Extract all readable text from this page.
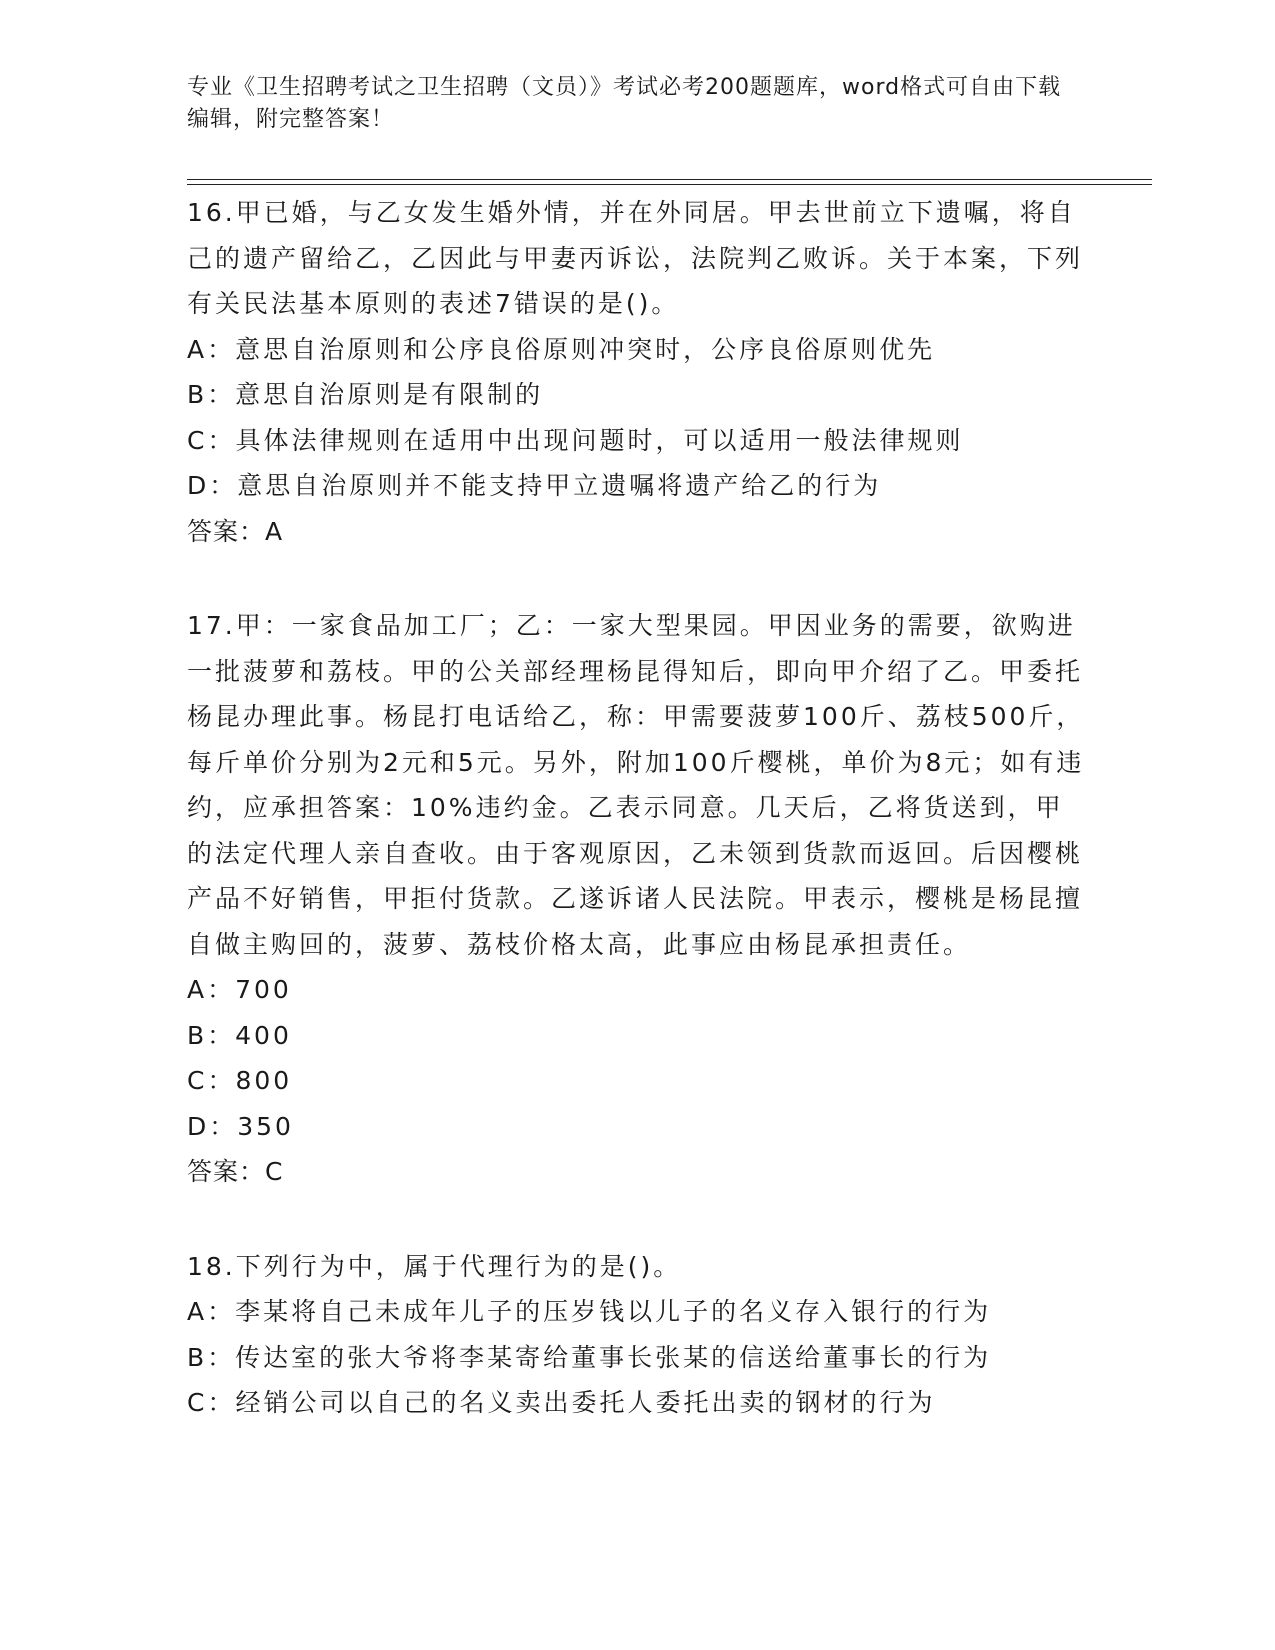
专业《卫生招聘考试之卫生招聘（文员）》考试必考200题题库，word格式可自由下载编辑，附完整答案！

16.甲已婚，与乙女发生婚外情，并在外同居。甲去世前立下遗嘱，将自己的遗产留给乙，乙因此与甲妻丙诉讼，法院判乙败诉。关于本案，下列有关民法基本原则的表述7错误的是()。

A：意思自治原则和公序良俗原则冲突时，公序良俗原则优先

B：意思自治原则是有限制的

C：具体法律规则在适用中出现问题时，可以适用一般法律规则

D：意思自治原则并不能支持甲立遗嘱将遗产给乙的行为

答案：A

17.甲：一家食品加工厂；乙：一家大型果园。甲因业务的需要，欲购进一批菠萝和荔枝。甲的公关部经理杨昆得知后，即向甲介绍了乙。甲委托杨昆办理此事。杨昆打电话给乙，称：甲需要菠萝100斤、荔枝500斤，每斤单价分别为2元和5元。另外，附加100斤樱桃，单价为8元；如有违约，应承担答案：10%违约金。乙表示同意。几天后，乙将货送到，甲的法定代理人亲自查收。由于客观原因，乙未领到货款而返回。后因樱桃产品不好销售，甲拒付货款。乙遂诉诸人民法院。甲表示，樱桃是杨昆擅自做主购回的，菠萝、荔枝价格太高，此事应由杨昆承担责任。

A：700

B：400

C：800

D：350

答案：C

18.下列行为中，属于代理行为的是()。

A：李某将自己未成年儿子的压岁钱以儿子的名义存入银行的行为

B：传达室的张大爷将李某寄给董事长张某的信送给董事长的行为

C：经销公司以自己的名义卖出委托人委托出卖的钢材的行为
